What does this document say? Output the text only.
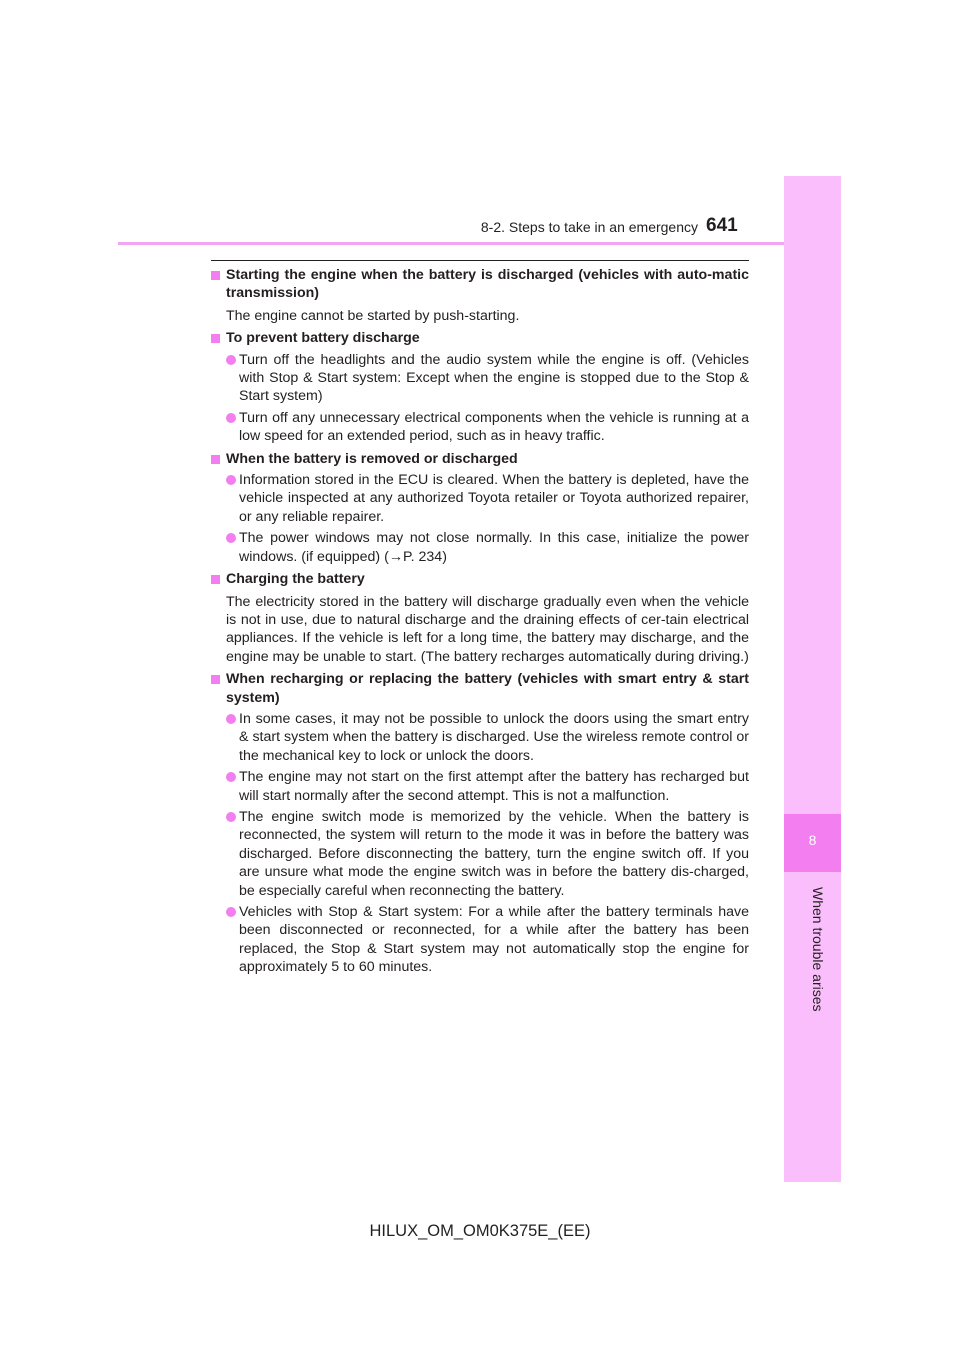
8-2. Steps to take in an emergency 641
8
When trouble arises
Starting the engine when the battery is discharged (vehicles with auto-matic transmission)
The engine cannot be started by push-starting.
To prevent battery discharge
Turn off the headlights and the audio system while the engine is off. (Vehicles with Stop & Start system: Except when the engine is stopped due to the Stop & Start system)
Turn off any unnecessary electrical components when the vehicle is running at a low speed for an extended period, such as in heavy traffic.
When the battery is removed or discharged
Information stored in the ECU is cleared. When the battery is depleted, have the vehicle inspected at any authorized Toyota retailer or Toyota authorized repairer, or any reliable repairer.
The power windows may not close normally. In this case, initialize the power windows. (if equipped) (→P. 234)
Charging the battery
The electricity stored in the battery will discharge gradually even when the vehicle is not in use, due to natural discharge and the draining effects of cer-tain electrical appliances. If the vehicle is left for a long time, the battery may discharge, and the engine may be unable to start. (The battery recharges automatically during driving.)
When recharging or replacing the battery (vehicles with smart entry & start system)
In some cases, it may not be possible to unlock the doors using the smart entry & start system when the battery is discharged. Use the wireless remote control or the mechanical key to lock or unlock the doors.
The engine may not start on the first attempt after the battery has recharged but will start normally after the second attempt. This is not a malfunction.
The engine switch mode is memorized by the vehicle. When the battery is reconnected, the system will return to the mode it was in before the battery was discharged. Before disconnecting the battery, turn the engine switch off. If you are unsure what mode the engine switch was in before the battery dis-charged, be especially careful when reconnecting the battery.
Vehicles with Stop & Start system: For a while after the battery terminals have been disconnected or reconnected, for a while after the battery has been replaced, the Stop & Start system may not automatically stop the engine for approximately 5 to 60 minutes.
HILUX_OM_OM0K375E_(EE)
